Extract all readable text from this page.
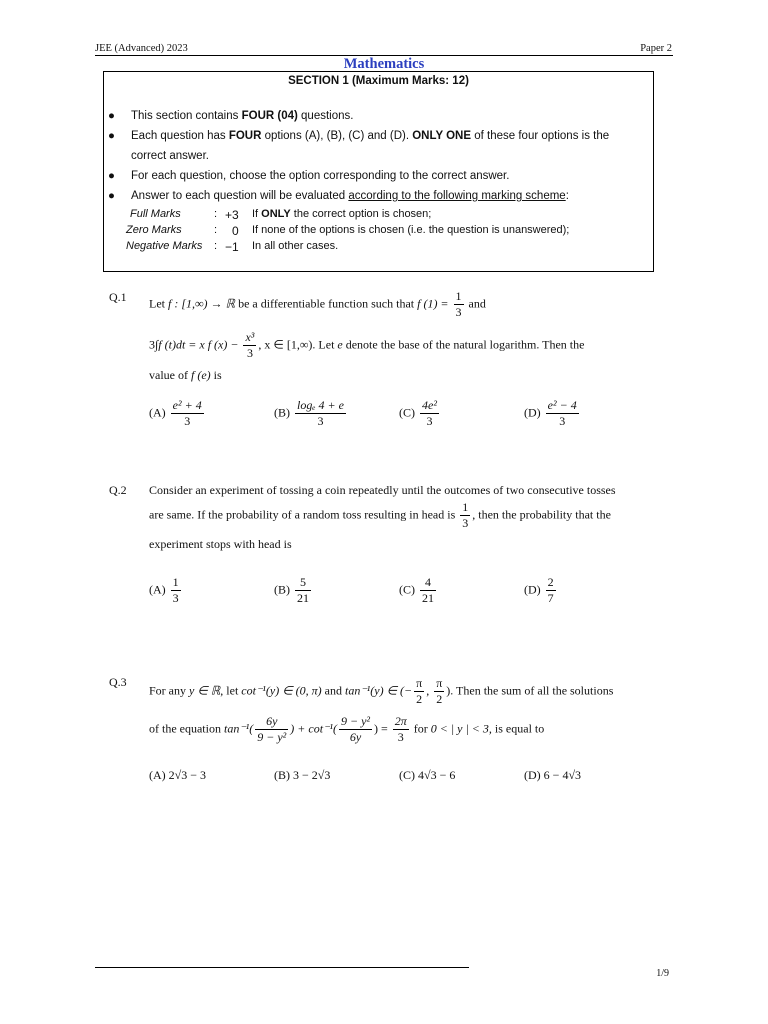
JEE (Advanced) 2023	Paper 2
Mathematics
SECTION 1 (Maximum Marks: 12)
● This section contains FOUR (04) questions.
● Each question has FOUR options (A), (B), (C) and (D). ONLY ONE of these four options is the correct answer.
● For each question, choose the option corresponding to the correct answer.
● Answer to each question will be evaluated according to the following marking scheme:
Full Marks	: +3 If ONLY the correct option is chosen;
Zero Marks	: 0 If none of the options is chosen (i.e. the question is unanswered);
Negative Marks : −1 In all other cases.
Q.1 Let f : [1,∞) → ℝ be a differentiable function such that f $(1) = \frac{1}{3}$ and
3∫f (t)dt = x f $(x) - \frac{\text{x³}}{3}$ , x ∈ [1,∞). Let e denote the base of the natural logarithm. Then the
value of f (e) is
$(A) \frac{\text{e² + 4}}{3}$	$(B) \frac{\text{logₑ 4 + e}}{3}$	$(C) \frac{\text{4e²}}{3}$	$(D) \frac{\text{e² − 4}}{3}$
Q.2 Consider an experiment of tossing a coin repeatedly until the outcomes of two consecutive tosses
are same. If the probability of a random toss resulting in head is $\frac{1}{3}$ , then the probability that the
experiment stops with head is
$(A) \frac{1}{3}$	$(B) \frac{5}{21}$	$(C) \frac{4}{21}$	$(D) \frac{2}{7}$
Q.3
For any y ∈ ℝ, let cot⁻¹(y) ∈ (0, π) and tan⁻¹(y) ∈ (− $\frac{\pi}{2}$ , $\frac{\pi}{2}$ ). Then the sum of all the solutions
of the equation $\tan^{-1}( \frac{6y}{\text{9 − y²}}$ ) + $\cot^{-1}( \frac{\text{9 − y²}}{6y}$ ) = $\frac{2\pi}{3}$ for 0 < | y | < 3, is equal to
(A) 2√3 − 3	(B) 3 − 2√3	(C) 4√3 − 6	(D) 6 − 4√3
1/9
